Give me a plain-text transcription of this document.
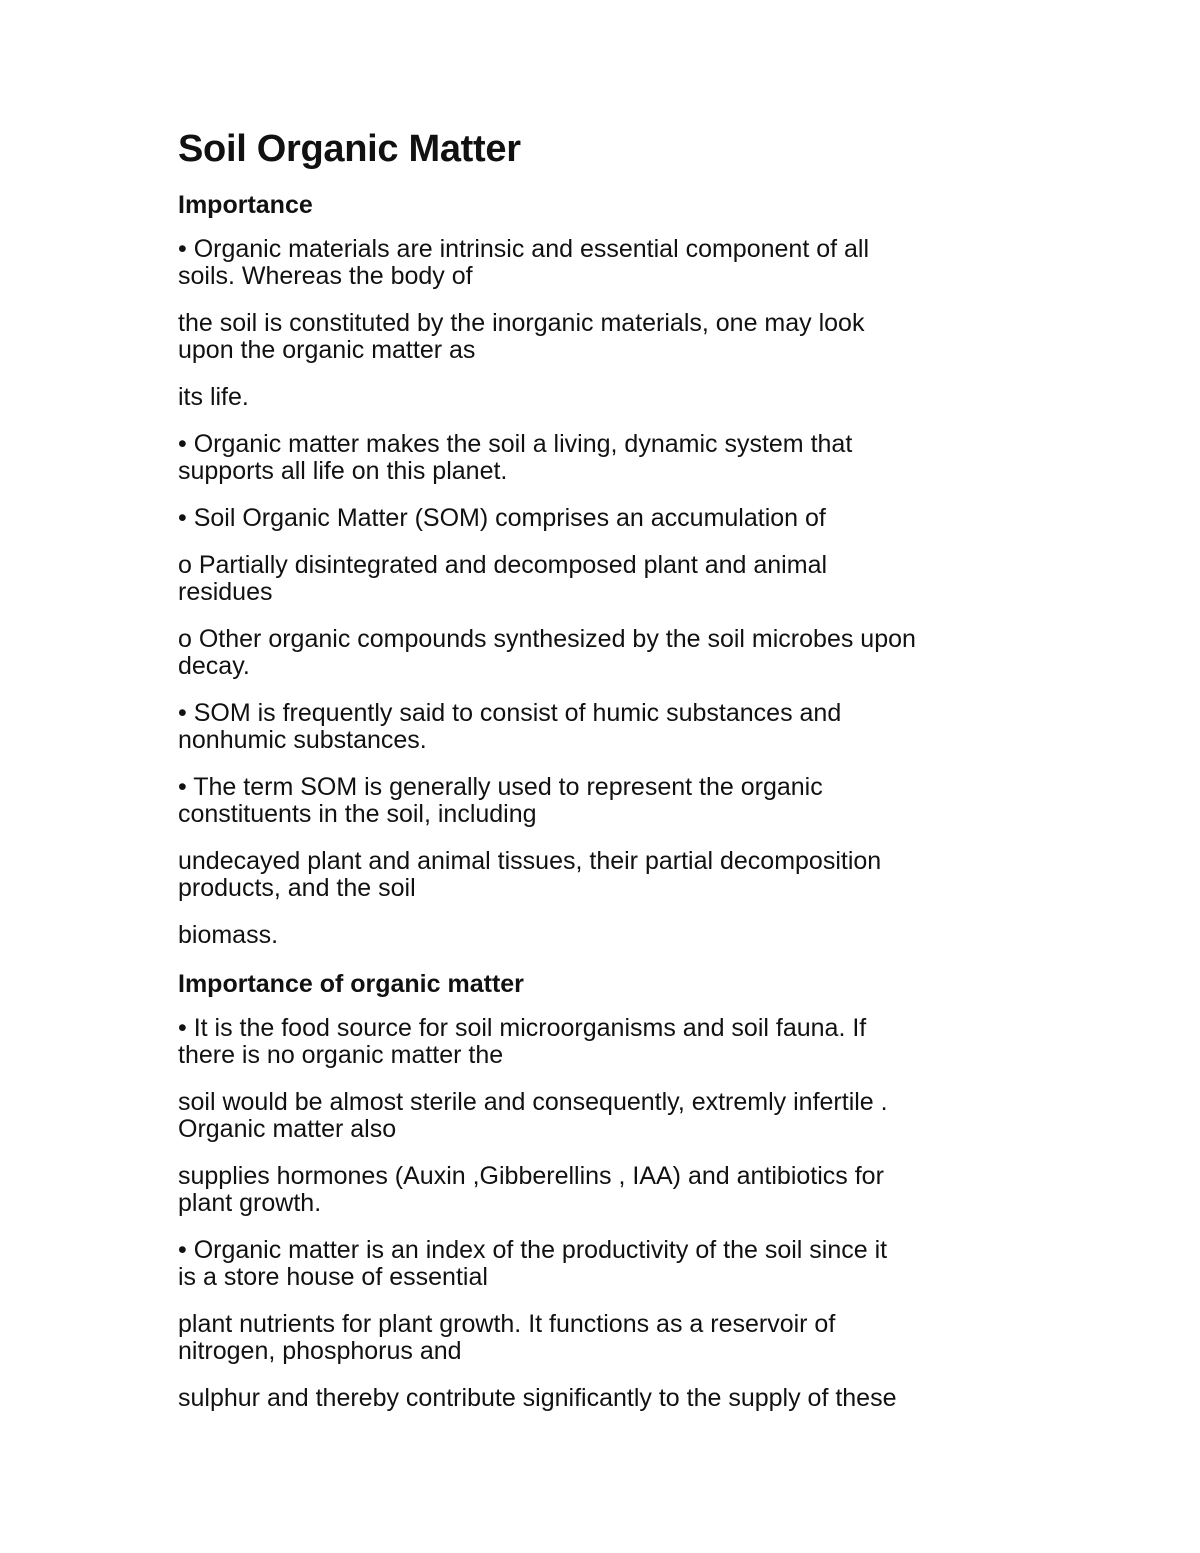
Soil Organic Matter
Importance
• Organic materials are intrinsic and essential component of all
soils. Whereas the body of
the soil is constituted by the inorganic materials, one may look
upon the organic matter as
its life.
• Organic matter makes the soil a living, dynamic system that
supports all life on this planet.
• Soil Organic Matter (SOM) comprises an accumulation of
o Partially disintegrated and decomposed plant and animal
residues
o Other organic compounds synthesized by the soil microbes upon
decay.
• SOM is frequently said to consist of humic substances and
nonhumic substances.
• The term SOM is generally used to represent the organic
constituents in the soil, including
undecayed plant and animal tissues, their partial decomposition
products, and the soil
biomass.
Importance of organic matter
• It is the food source for soil microorganisms and soil fauna. If
there is no organic matter the
soil would be almost sterile and consequently, extremly infertile .
Organic matter also
supplies hormones (Auxin ,Gibberellins , IAA) and antibiotics for
plant growth.
• Organic matter is an index of the productivity of the soil since it
is a store house of essential
plant nutrients for plant growth. It functions as a reservoir of
nitrogen, phosphorus and
sulphur and thereby contribute significantly to the supply of these
